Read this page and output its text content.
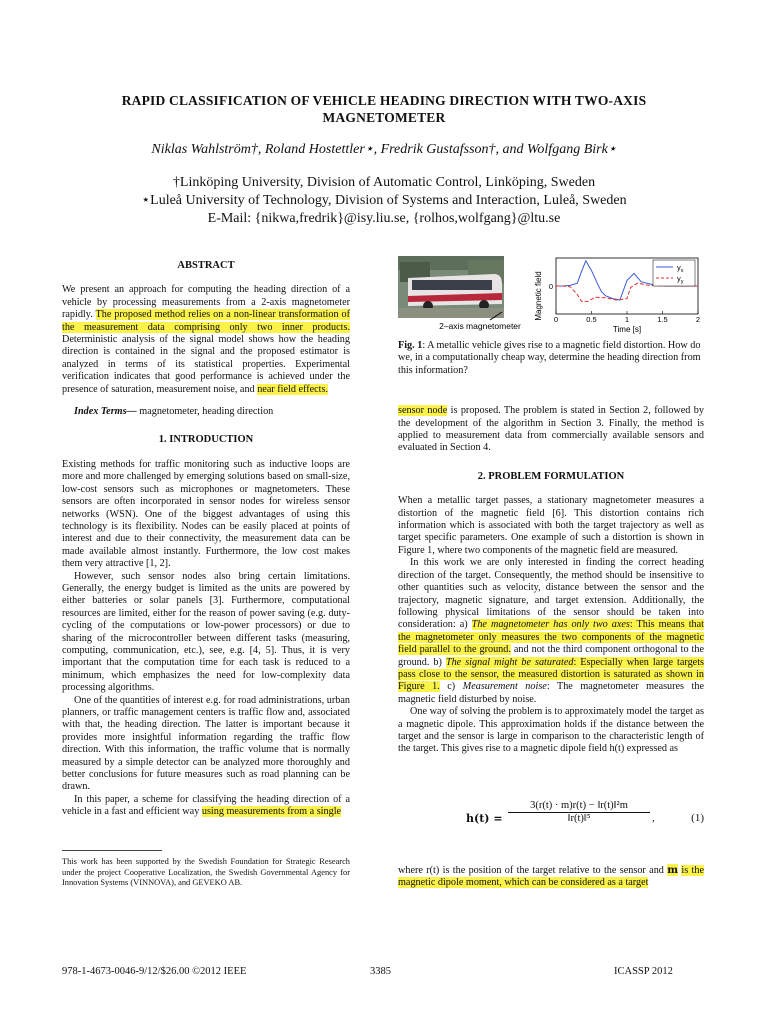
RAPID CLASSIFICATION OF VEHICLE HEADING DIRECTION WITH TWO-AXIS MAGNETOMETER
Niklas Wahlström†, Roland Hostettler⋆, Fredrik Gustafsson†, and Wolfgang Birk⋆
†Linköping University, Division of Automatic Control, Linköping, Sweden
⋆Luleå University of Technology, Division of Systems and Interaction, Luleå, Sweden
E-Mail: {nikwa,fredrik}@isy.liu.se, {rolhos,wolfgang}@ltu.se

ABSTRACT

We present an approach for computing the heading direction of a vehicle by processing measurements from a 2-axis magnetometer rapidly. The proposed method relies on a non-linear transformation of the measurement data comprising only two inner products. Deterministic analysis of the signal model shows how the heading direction is contained in the signal and the proposed estimator is analyzed in terms of its statistical properties. Experimental verification indicates that good performance is achieved under the presence of saturation, measurement noise, and near field effects.

Index Terms— magnetometer, heading direction

1. INTRODUCTION

Existing methods for traffic monitoring such as inductive loops are more and more challenged by emerging solutions based on small-size, low-cost sensors such as microphones or magnetometers. These sensors are often incorporated in sensor nodes for wireless sensor networks (WSN). One of the biggest advantages of using this technology is its flexibility. Nodes can be easily placed at points of interest and due to their connectivity, the measurement data can be made available almost instantly. Furthermore, the low cost makes them very attractive [1, 2].

However, such sensor nodes also bring certain limitations. Generally, the energy budget is limited as the units are powered by either batteries or solar panels [3]. Furthermore, computational resources are limited, either for the reason of power saving (e.g. duty-cycling of the computations or low-power processors) or due to sharing of the microcontroller between different tasks (measuring, computing, communication, etc.), see, e.g. [4, 5]. Thus, it is very important that the computation time for each task is reduced to a minimum, which emphasizes the need for low-complexity data processing algorithms.

One of the quantities of interest e.g. for road administrations, urban planners, or traffic management centers is traffic flow and, associated with that, the heading direction. The latter is important because it provides more insightful information regarding the traffic flow direction. With this information, the traffic volume that is normally measured by a simple detector can be analyzed more thoroughly and better conclusions for future measures such as road planning can be drawn.

In this paper, a scheme for classifying the heading direction of a vehicle in a fast and efficient way using measurements from a single

This work has been supported by the Swedish Foundation for Strategic Research under the project Cooperative Localization, the Swedish Governmental Agency for Innovation Systems (VINNOVA), and GEVEKO AB.
2–axis magnetometer
Magnetic field 0	0.5	1	1.5	2
0
$y_x$
$y_y$
Time [s]

Fig. 1: A metallic vehicle gives rise to a magnetic field distortion. How do we, in a computationally cheap way, determine the heading direction from this information?

sensor node is proposed. The problem is stated in Section 2, followed by the development of the algorithm in Section 3. Finally, the method is applied to measurement data from commercially available sensors and evaluated in Section 4.

2. PROBLEM FORMULATION

When a metallic target passes, a stationary magnetometer measures a distortion of the magnetic field [6]. This distortion contains rich information which is associated with both the target trajectory as well as target specific parameters. One example of such a distortion is shown in Figure 1, where two components of the magnetic field are measured.

In this work we are only interested in finding the correct heading direction of the target. Consequently, the method should be insensitive to other quantities such as velocity, distance between the sensor and the trajectory, magnetic signature, and target extension. Additionally, the following physical limitations of the sensor should be taken into consideration: a) The magnetometer has only two axes: This means that the magnetometer only measures the two components of the magnetic field parallel to the ground. and not the third component orthogonal to the ground. b) The signal might be saturated: Especially when large targets pass close to the sensor, the measured distortion is saturated as shown in Figure 1. c) Measurement noise: The magnetometer measures the magnetic field disturbed by noise.

One way of solving the problem is to approximately model the target as a magnetic dipole. This approximation holds if the distance between the target and the sensor is large in comparison to the characteristic length of the target. This gives rise to a magnetic dipole field h(t) expressed as

$h(t) = \frac{\text{3(r(t) · m)r(t) − ‖r(t)‖²m}}{\text{‖r(t)‖⁵}}$ ,	(1)

where r(t) is the position of the target relative to the sensor and m is the magnetic dipole moment, which can be considered as a target

978-1-4673-0046-9/12/$26.00 ©2012 IEEE	3385	ICASSP 2012
